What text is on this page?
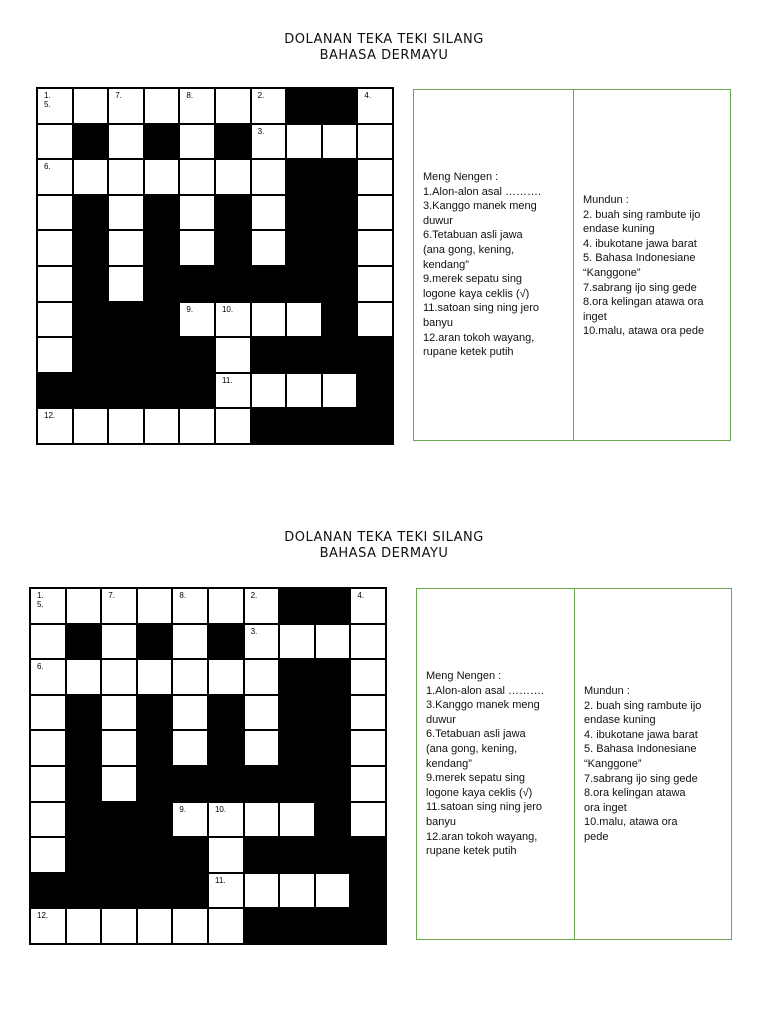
DOLANAN TEKA TEKI SILANG
BAHASA DERMAYU
1.
5.
7.	8.	2.	4.
3.
6.
9.	10.
11.
12.
Meng Nengen :
1.Alon-alon asal ……….
3.Kanggo manek meng
duwur
6.Tetabuan asli jawa
(ana gong, kening,
kendang”
9.merek sepatu sing
logone kaya ceklis (√)
11.satoan sing ning jero
banyu
12.aran tokoh wayang,
rupane ketek putih
Mundun :
2. buah sing rambute ijo
endase kuning
4. ibukotane jawa barat
5. Bahasa Indonesiane
“Kanggone”
7.sabrang ijo sing gede
8.ora kelingan atawa ora
inget
10.malu, atawa ora pede
DOLANAN TEKA TEKI SILANG
BAHASA DERMAYU
1.
5.
7.	8.	2.	4.
3.
6.
9.	10.
11.
12.
Meng Nengen :
1.Alon-alon asal ……….
3.Kanggo manek meng
duwur
6.Tetabuan asli jawa
(ana gong, kening,
kendang”
9.merek sepatu sing
logone kaya ceklis (√)
11.satoan sing ning jero
banyu
12.aran tokoh wayang,
rupane ketek putih
Mundun :
2. buah sing rambute ijo
endase kuning
4. ibukotane jawa barat
5. Bahasa Indonesiane
“Kanggone”
7.sabrang ijo sing gede
8.ora kelingan atawa
ora inget
10.malu, atawa ora
pede
